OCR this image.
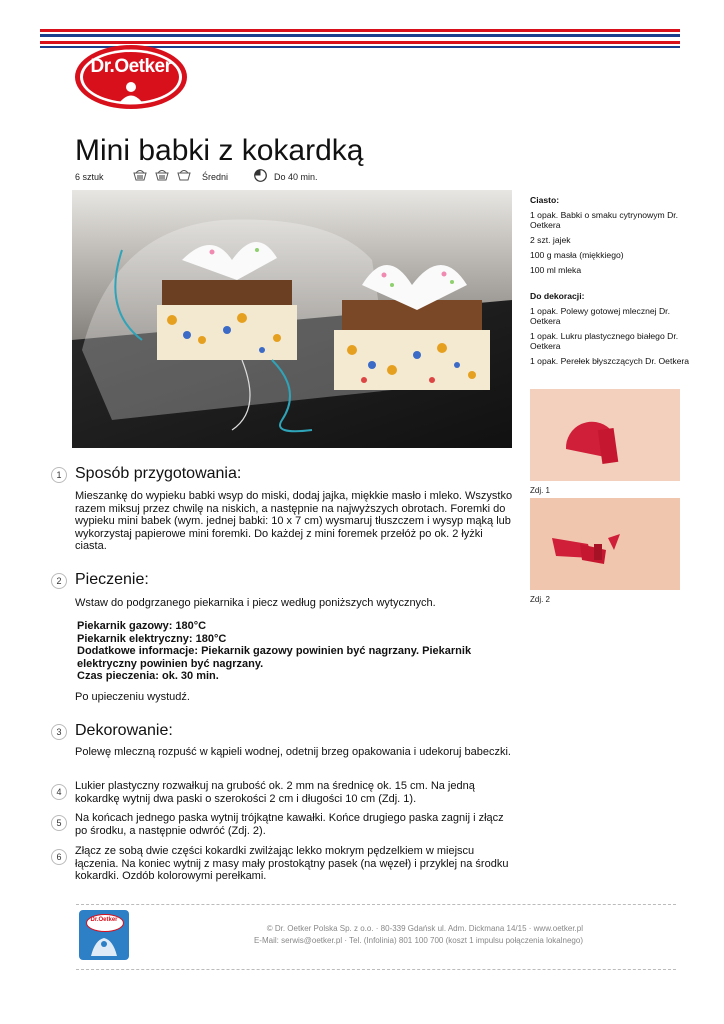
Dr.Oetker
Mini babki z kokardką
6 sztuk	Średni	Do 40 min.

Ciasto:

1 opak. Babki o smaku cytrynowym Dr. Oetkera

2 szt. jajek

100 g masła (miękkiego)

100 ml mleka

Do dekoracji:

1 opak. Polewy gotowej mlecznej Dr. Oetkera

1 opak. Lukru plastycznego białego Dr. Oetkera

1 opak. Perełek błyszczących Dr. Oetkera

Zdj. 1
Zdj. 2
1 Sposób przygotowania:
Mieszankę do wypieku babki wsyp do miski, dodaj jajka, miękkie masło i mleko. Wszystko razem miksuj przez chwilę na niskich, a następnie na najwyższych obrotach. Foremki do wypieku mini babek (wym. jednej babki: 10 x 7 cm) wysmaruj tłuszczem i wysyp mąką lub wykorzystaj papierowe mini foremki. Do każdej z mini foremek przełóż po ok. 2 łyżki ciasta.
2 Pieczenie:
Wstaw do podgrzanego piekarnika i piecz według poniższych wytycznych.
Piekarnik gazowy: 180°C
Piekarnik elektryczny: 180°C
Dodatkowe informacje: Piekarnik gazowy powinien być nagrzany. Piekarnik elektryczny powinien być nagrzany.
Czas pieczenia: ok. 30 min.
Po upieczeniu wystudź.
3 Dekorowanie:
Polewę mleczną rozpuść w kąpieli wodnej, odetnij brzeg opakowania i udekoruj babeczki.
4	Lukier plastyczny rozwałkuj na grubość ok. 2 mm na średnicę ok. 15 cm. Na jedną kokardkę wytnij dwa paski o szerokości 2 cm i długości 10 cm (Zdj. 1).
5	Na końcach jednego paska wytnij trójkątne kawałki. Końce drugiego paska zagnij i złącz po środku, a następnie odwróć (Zdj. 2).
6	Złącz ze sobą dwie części kokardki zwilżając lekko mokrym pędzelkiem w miejscu łączenia. Na koniec wytnij z masy mały prostokątny pasek (na węzeł) i przyklej na środku kokardki. Ozdób kolorowymi perełkami.
Dr.Oetker
© Dr. Oetker Polska Sp. z o.o. · 80-339 Gdańsk ul. Adm. Dickmana 14/15 · www.oetker.pl
E-Mail: serwis@oetker.pl · Tel. (Infolinia) 801 100 700 (koszt 1 impulsu połączenia lokalnego)
